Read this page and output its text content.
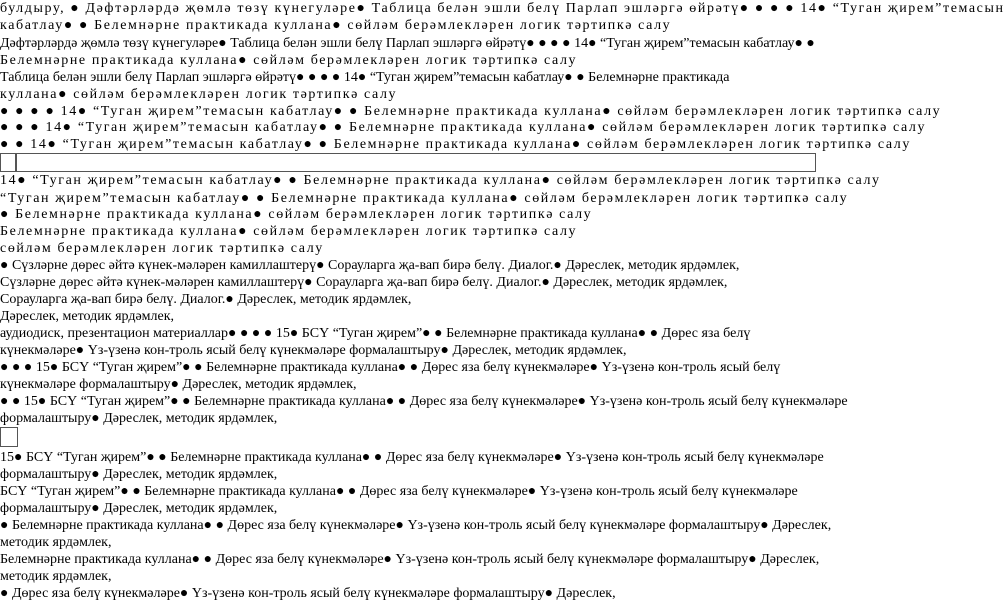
булдыру, ● Дәфтәрләрдә җөмлә төзү күнегуләре● Таблица белән эшли белү Парлап эшләргә өйрәтү● ● ● ● 14● “Туган җирем”темасын
кабатлау● ● Белемнәрне практикада куллана● сөйләм берәмлекләрен логик тәртипкә салу
Дәфтәрләрдә җөмлә төзү күнегуләре● Таблица белән эшли белү Парлап эшләргә өйрәтү● ● ● ● 14● “Туган җирем”темасын кабатлау● ●
Белемнәрне практикада куллана● сөйләм берәмлекләрен логик тәртипкә салу
Таблица белән эшли белү Парлап эшләргә өйрәтү● ● ● ● 14● “Туган җирем”темасын кабатлау● ● Белемнәрне практикада
куллана● сөйләм берәмлекләрен логик тәртипкә салу
● ● ● ● 14● “Туган җирем”темасын кабатлау● ● Белемнәрне практикада куллана● сөйләм берәмлекләрен логик тәртипкә салу
● ● ● 14● “Туган җирем”темасын кабатлау● ● Белемнәрне практикада куллана● сөйләм берәмлекләрен логик тәртипкә салу
● ● 14● “Туган җирем”темасын кабатлау● ● Белемнәрне практикада куллана● сөйләм берәмлекләрен логик тәртипкә салу
14● “Туган җирем”темасын кабатлау● ● Белемнәрне практикада куллана● сөйләм берәмлекләрен логик тәртипкә салу
“Туган җирем”темасын кабатлау● ● Белемнәрне практикада куллана● сөйләм берәмлекләрен логик тәртипкә салу
● Белемнәрне практикада куллана● сөйләм берәмлекләрен логик тәртипкә салу
Белемнәрне практикада куллана● сөйләм берәмлекләрен логик тәртипкә салу
сөйләм берәмлекләрен логик тәртипкә салу
● Сүзләрне дөрес әйтә күнек-мәләрен камиллаштерү● Сорауларга җа-вап бирә белү. Диалог.● Дәреслек, методик ярдәмлек,
Сүзләрне дөрес әйтә күнек-мәләрен камиллаштерү● Сорауларга җа-вап бирә белү. Диалог.● Дәреслек, методик ярдәмлек,
Сорауларга җа-вап бирә белү. Диалог.● Дәреслек, методик ярдәмлек,
Дәреслек, методик ярдәмлек,
аудиодиск, презентацион материаллар● ● ● ● 15● БСҮ “Туган җирем”● ● Белемнәрне практикада куллана● ● Дөрес яза белү
күнекмәләре● Үз-үзенә кон-троль ясый белү күнекмәләре формалаштыру● Дәреслек, методик ярдәмлек,
● ● ● 15● БСҮ “Туган җирем”● ● Белемнәрне практикада куллана● ● Дөрес яза белү күнекмәләре● Үз-үзенә кон-троль ясый белү
күнекмәләре формалаштыру● Дәреслек, методик ярдәмлек,
● ● 15● БСҮ “Туган җирем”● ● Белемнәрне практикада куллана● ● Дөрес яза белү күнекмәләре● Үз-үзенә кон-троль ясый белү күнекмәләре
формалаштыру● Дәреслек, методик ярдәмлек,
15● БСҮ “Туган җирем”● ● Белемнәрне практикада куллана● ● Дөрес яза белү күнекмәләре● Үз-үзенә кон-троль ясый белү күнекмәләре
формалаштыру● Дәреслек, методик ярдәмлек,
БСҮ “Туган җирем”● ● Белемнәрне практикада куллана● ● Дөрес яза белү күнекмәләре● Үз-үзенә кон-троль ясый белү күнекмәләре
формалаштыру● Дәреслек, методик ярдәмлек,
● Белемнәрне практикада куллана● ● Дөрес яза белү күнекмәләре● Үз-үзенә кон-троль ясый белү күнекмәләре формалаштыру● Дәреслек,
методик ярдәмлек,
Белемнәрне практикада куллана● ● Дөрес яза белү күнекмәләре● Үз-үзенә кон-троль ясый белү күнекмәләре формалаштыру● Дәреслек,
методик ярдәмлек,
● Дөрес яза белү күнекмәләре● Үз-үзенә кон-троль ясый белү күнекмәләре формалаштыру● Дәреслек,
